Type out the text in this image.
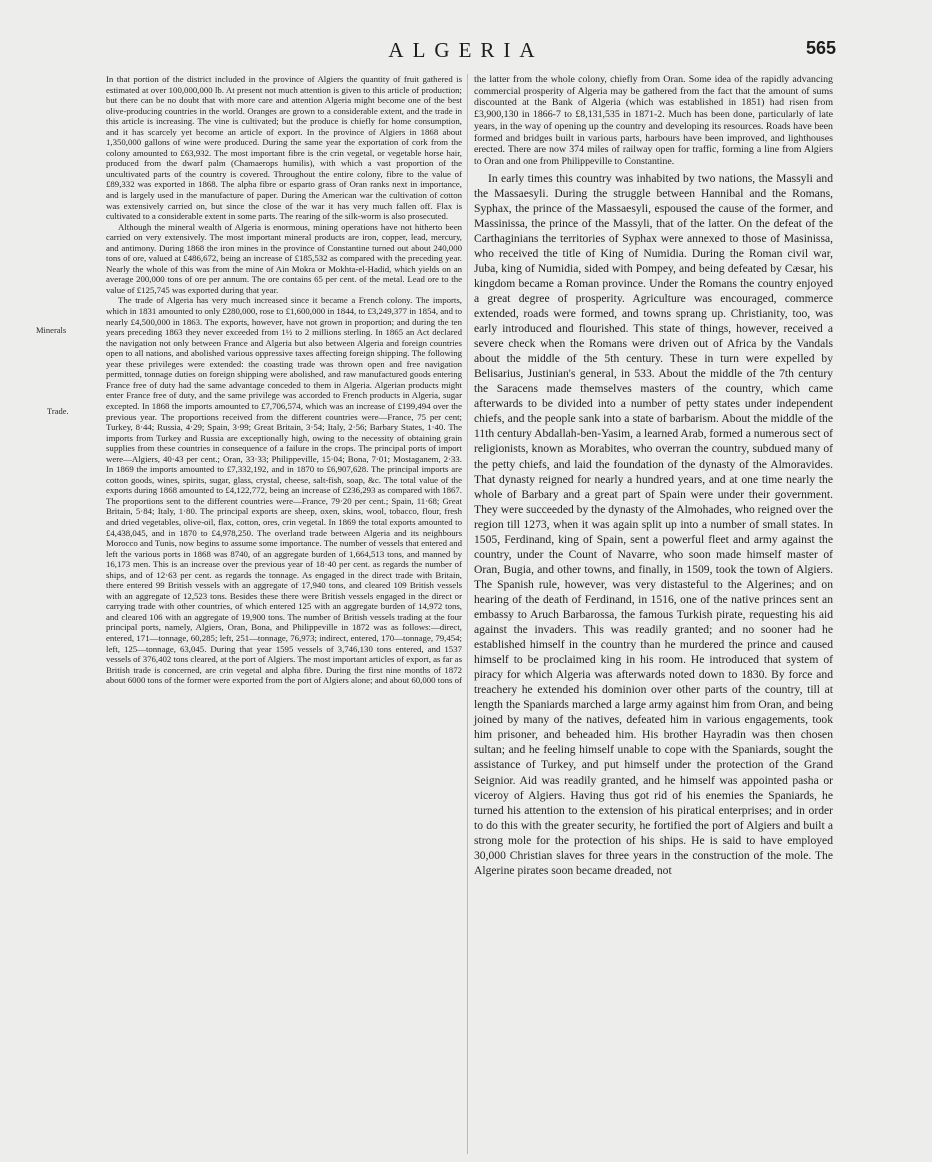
ALGERIA	565
Minerals
Trade.

In that portion of the district included in the province of Algiers the quantity of fruit gathered is estimated at over 100,000,000 lb. At present not much attention is given to this article of production; but there can be no doubt that with more care and attention Algeria might become one of the best olive-producing countries in the world. Oranges are grown to a considerable extent, and the trade in this article is increasing. The vine is cultivated; but the produce is chiefly for home consumption, and it has scarcely yet become an article of export. In the province of Algiers in 1868 about 1,350,000 gallons of wine were produced. During the same year the exportation of cork from the colony amounted to £63,932. The most important fibre is the crin vegetal, or vegetable horse hair, produced from the dwarf palm (Chamaerops humilis), with which a vast proportion of the uncultivated parts of the country is covered. Throughout the entire colony, fibre to the value of £89,332 was exported in 1868. The alpha fibre or esparto grass of Oran ranks next in importance, and is largely used in the manufacture of paper. During the American war the cultivation of cotton was extensively carried on, but since the close of the war it has very much fallen off. Flax is cultivated to a considerable extent in some parts. The rearing of the silk-worm is also prosecuted.

Although the mineral wealth of Algeria is enormous, mining operations have not hitherto been carried on very extensively. The most important mineral products are iron, copper, lead, mercury, and antimony. During 1868 the iron mines in the province of Constantine turned out about 240,000 tons of ore, valued at £486,672, being an increase of £185,532 as compared with the preceding year. Nearly the whole of this was from the mine of Ain Mokra or Mokhta-el-Hadid, which yields on an average 200,000 tons of ore per annum. The ore contains 65 per cent. of the metal. Lead ore to the value of £125,745 was exported during that year.

The trade of Algeria has very much increased since it became a French colony. The imports, which in 1831 amounted to only £280,000, rose to £1,600,000 in 1844, to £3,249,377 in 1854, and to nearly £4,500,000 in 1863. The exports, however, have not grown in proportion; and during the ten years preceding 1863 they never exceeded from 1½ to 2 millions sterling. In 1865 an Act declared the navigation not only between France and Algeria but also between Algeria and foreign countries open to all nations, and abolished various oppressive taxes affecting foreign shipping. The following year these privileges were extended: the coasting trade was thrown open and free navigation permitted, tonnage duties on foreign shipping were abolished, and raw manufactured goods entering France free of duty had the same advantage conceded to them in Algeria. Algerian products might enter France free of duty, and the same privilege was accorded to French products in Algeria, sugar excepted. In 1868 the imports amounted to £7,706,574, which was an increase of £199,494 over the previous year. The proportions received from the different countries were—France, 75 per cent; Turkey, 8·44; Russia, 4·29; Spain, 3·99; Great Britain, 3·54; Italy, 2·56; Barbary States, 1·40. The imports from Turkey and Russia are exceptionally high, owing to the necessity of obtaining grain supplies from these countries in consequence of a failure in the crops. The principal ports of import were—Algiers, 40·43 per cent.; Oran, 33·33; Philippeville, 15·04; Bona, 7·01; Mostaganem, 2·33. In 1869 the imports amounted to £7,332,192, and in 1870 to £6,907,628. The principal imports are cotton goods, wines, spirits, sugar, glass, crystal, cheese, salt-fish, soap, &c. The total value of the exports during 1868 amounted to £4,122,772, being an increase of £236,293 as compared with 1867. The proportions sent to the different countries were—France, 79·20 per cent.; Spain, 11·68; Great Britain, 5·84; Italy, 1·80. The principal exports are sheep, oxen, skins, wool, tobacco, flour, fresh and dried vegetables, olive-oil, flax, cotton, ores, crin vegetal. In 1869 the total exports amounted to £4,438,045, and in 1870 to £4,978,250. The overland trade between Algeria and its neighbours Morocco and Tunis, now begins to assume some importance. The number of vessels that entered and left the various ports in 1868 was 8740, of an aggregate burden of 1,664,513 tons, and manned by 16,173 men. This is an increase over the previous year of 18·40 per cent. as regards the number of ships, and of 12·63 per cent. as regards the tonnage. As engaged in the direct trade with Britain, there entered 99 British vessels with an aggregate of 17,940 tons, and cleared 109 British vessels with an aggregate of 12,523 tons. Besides these there were British vessels engaged in the direct or carrying trade with other countries, of which entered 125 with an aggregate burden of 14,972 tons, and cleared 106 with an aggregate of 19,900 tons. The number of British vessels trading at the four principal ports, namely, Algiers, Oran, Bona, and Philippeville in 1872 was as follows:—direct, entered, 171—tonnage, 60,285; left, 251—tonnage, 76,973; indirect, entered, 170—tonnage, 79,454; left, 125—tonnage, 63,045. During that year 1595 vessels of 3,746,130 tons entered, and 1537 vessels of 376,402 tons cleared, at the port of Algiers. The most important articles of export, as far as British trade is concerned, are crin vegetal and alpha fibre. During the first nine months of 1872 about 6000 tons of the former were exported from the port of Algiers alone; and about 60,000 tons of

the latter from the whole colony, chiefly from Oran. Some idea of the rapidly advancing commercial prosperity of Algeria may be gathered from the fact that the amount of sums discounted at the Bank of Algeria (which was established in 1851) had risen from £3,900,130 in 1866-7 to £8,131,535 in 1871-2. Much has been done, particularly of late years, in the way of opening up the country and developing its resources. Roads have been formed and bridges built in various parts, harbours have been improved, and lighthouses erected. There are now 374 miles of railway open for traffic, forming a line from Algiers to Oran and one from Philippeville to Constantine.

In early times this country was inhabited by two nations, the Massyli and the Massaesyli. During the struggle between Hannibal and the Romans, Syphax, the prince of the Massaesyli, espoused the cause of the former, and Massinissa, the prince of the Massyli, that of the latter. On the defeat of the Carthaginians the territories of Syphax were annexed to those of Masinissa, who received the title of King of Numidia. During the Roman civil war, Juba, king of Numidia, sided with Pompey, and being defeated by Cæsar, his kingdom became a Roman province. Under the Romans the country enjoyed a great degree of prosperity. Agriculture was encouraged, commerce extended, roads were formed, and towns sprang up. Christianity, too, was early introduced and flourished. This state of things, however, received a severe check when the Romans were driven out of Africa by the Vandals about the middle of the 5th century. These in turn were expelled by Belisarius, Justinian's general, in 533. About the middle of the 7th century the Saracens made themselves masters of the country, which came afterwards to be divided into a number of petty states under independent chiefs, and the people sank into a state of barbarism. About the middle of the 11th century Abdallah-ben-Yasim, a learned Arab, formed a numerous sect of religionists, known as Morabites, who overran the country, subdued many of the petty chiefs, and laid the foundation of the dynasty of the Almoravides. That dynasty reigned for nearly a hundred years, and at one time nearly the whole of Barbary and a great part of Spain were under their government. They were succeeded by the dynasty of the Almohades, who reigned over the region till 1273, when it was again split up into a number of small states. In 1505, Ferdinand, king of Spain, sent a powerful fleet and army against the country, under the Count of Navarre, who soon made himself master of Oran, Bugia, and other towns, and finally, in 1509, took the town of Algiers. The Spanish rule, however, was very distasteful to the Algerines; and on hearing of the death of Ferdinand, in 1516, one of the native princes sent an embassy to Aruch Barbarossa, the famous Turkish pirate, requesting his aid against the invaders. This was readily granted; and no sooner had he established himself in the country than he murdered the prince and caused himself to be proclaimed king in his room. He introduced that system of piracy for which Algeria was afterwards noted down to 1830. By force and treachery he extended his dominion over other parts of the country, till at length the Spaniards marched a large army against him from Oran, and being joined by many of the natives, defeated him in various engagements, took him prisoner, and beheaded him. His brother Hayradin was then chosen sultan; and he feeling himself unable to cope with the Spaniards, sought the assistance of Turkey, and put himself under the protection of the Grand Seignior. Aid was readily granted, and he himself was appointed pasha or viceroy of Algiers. Having thus got rid of his enemies the Spaniards, he turned his attention to the extension of his piratical enterprises; and in order to do this with the greater security, he fortified the port of Algiers and built a strong mole for the protection of his ships. He is said to have employed 30,000 Christian slaves for three years in the construction of the mole. The Algerine pirates soon became dreaded, not
